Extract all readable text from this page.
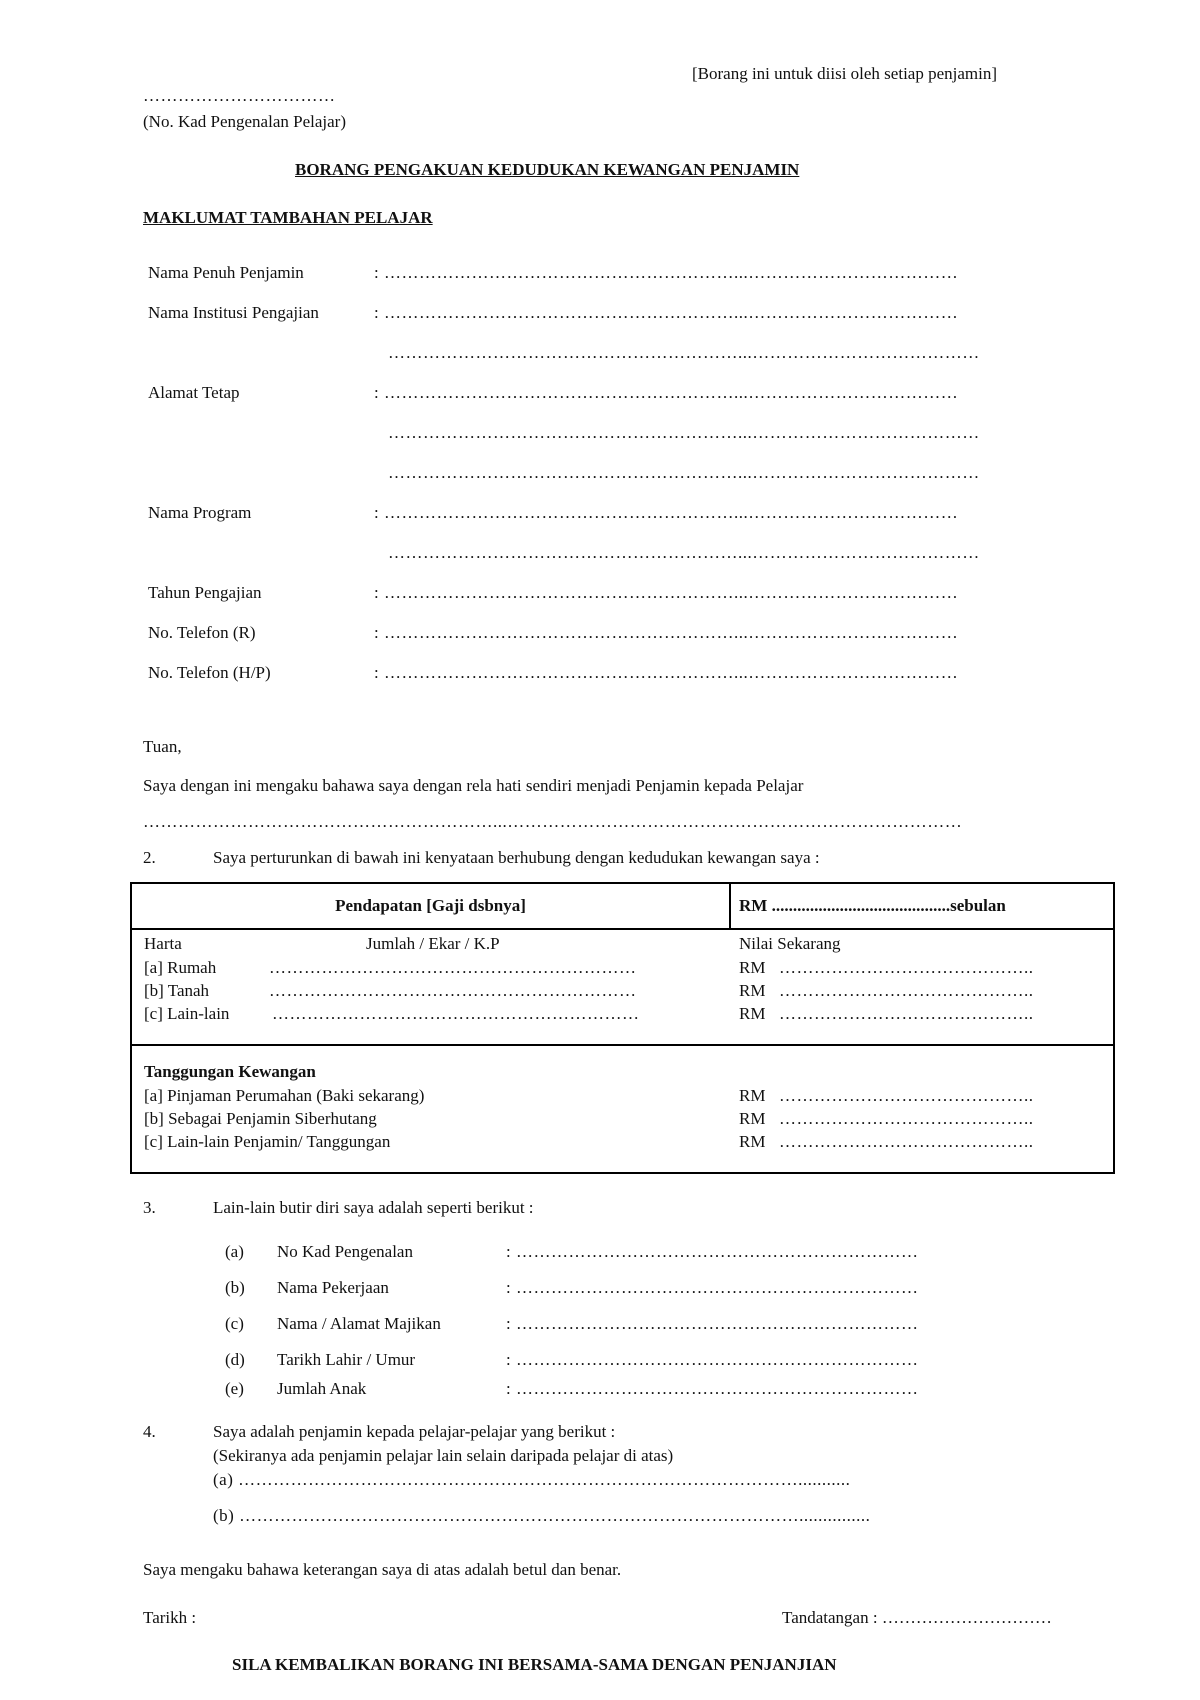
[Borang ini untuk diisi oleh setiap penjamin]
……………………………
(No. Kad Pengenalan Pelajar)
BORANG PENGAKUAN KEDUDUKAN KEWANGAN PENJAMIN
MAKLUMAT TAMBAHAN PELAJAR
Nama Penuh Penjamin	: ……………………………………………………...………………………………
Nama Institusi Pengajian	: ……………………………………………………...………………………………
……………………………………………………...…………………………………
Alamat Tetap	: ……………………………………………………...………………………………
……………………………………………………...…………………………………
……………………………………………………...…………………………………
Nama Program	: ……………………………………………………...………………………………
……………………………………………………...…………………………………
Tahun Pengajian	: ……………………………………………………...………………………………
No. Telefon (R)	: ……………………………………………………...………………………………
No. Telefon (H/P)	: ……………………………………………………...………………………………
Tuan,
Saya dengan ini mengaku bahawa saya dengan rela hati sendiri menjadi Penjamin kepada Pelajar
……………………………………………………...……………………………………………………………………
2.	Saya perturunkan di bawah ini kenyataan berhubung dengan kedudukan kewangan saya :
Pendapatan [Gaji dsbnya]	RM ..........................................sebulan
Harta	Jumlah / Ekar / K.P	Nilai Sekarang
[a] Rumah	………………………………………………………	RM ……………………………………..
[b] Tanah	………………………………………………………	RM ……………………………………..
[c] Lain-lain	………………………………………………………	RM ……………………………………..
Tanggungan Kewangan
[a] Pinjaman Perumahan (Baki sekarang)	RM ……………………………………..
[b] Sebagai Penjamin Siberhutang	RM ……………………………………..
[c] Lain-lain Penjamin/ Tanggungan	RM ……………………………………..
3.	Lain-lain butir diri saya adalah seperti berikut :
(a) No Kad Pengenalan	: ……………………………………………………………
(b) Nama Pekerjaan	: ……………………………………………………………
(c) Nama / Alamat Majikan	: ……………………………………………………………
(d) Tarikh Lahir / Umur	: ……………………………………………………………
(e) Jumlah Anak	: ……………………………………………………………
4.	Saya adalah penjamin kepada pelajar-pelajar yang berikut :
(Sekiranya ada penjamin pelajar lain selain daripada pelajar di atas)
(a) ……………………………………………………………………………………...........
(b) ……………………………………………………………………………………...............
Saya mengaku bahawa keterangan saya di atas adalah betul dan benar.
Tarikh :	Tandatangan : …………………………
SILA KEMBALIKAN BORANG INI BERSAMA-SAMA DENGAN PENJANJIAN
